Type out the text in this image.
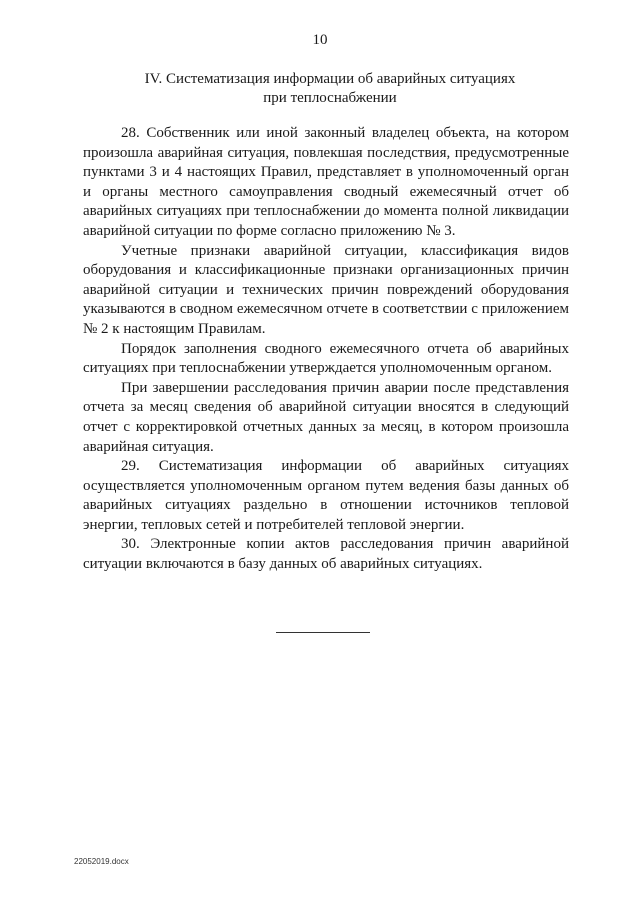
10
IV. Систематизация информации об аварийных ситуациях
при теплоснабжении

28. Собственник или иной законный владелец объекта, на котором произошла аварийная ситуация, повлекшая последствия, предусмотренные пунктами 3 и 4 настоящих Правил, представляет в уполномоченный орган и органы местного самоуправления сводный ежемесячный отчет об аварийных ситуациях при теплоснабжении до момента полной ликвидации аварийной ситуации по форме согласно приложению № 3.

Учетные признаки аварийной ситуации, классификация видов оборудования и классификационные признаки организационных причин аварийной ситуации и технических причин повреждений оборудования указываются в сводном ежемесячном отчете в соответствии с приложением № 2 к настоящим Правилам.

Порядок заполнения сводного ежемесячного отчета об аварийных ситуациях при теплоснабжении утверждается уполномоченным органом.

При завершении расследования причин аварии после представления отчета за месяц сведения об аварийной ситуации вносятся в следующий отчет с корректировкой отчетных данных за месяц, в котором произошла аварийная ситуация.

29. Систематизация информации об аварийных ситуациях осуществляется уполномоченным органом путем ведения базы данных об аварийных ситуациях раздельно в отношении источников тепловой энергии, тепловых сетей и потребителей тепловой энергии.

30. Электронные копии актов расследования причин аварийной ситуации включаются в базу данных об аварийных ситуациях.

22052019.docx
